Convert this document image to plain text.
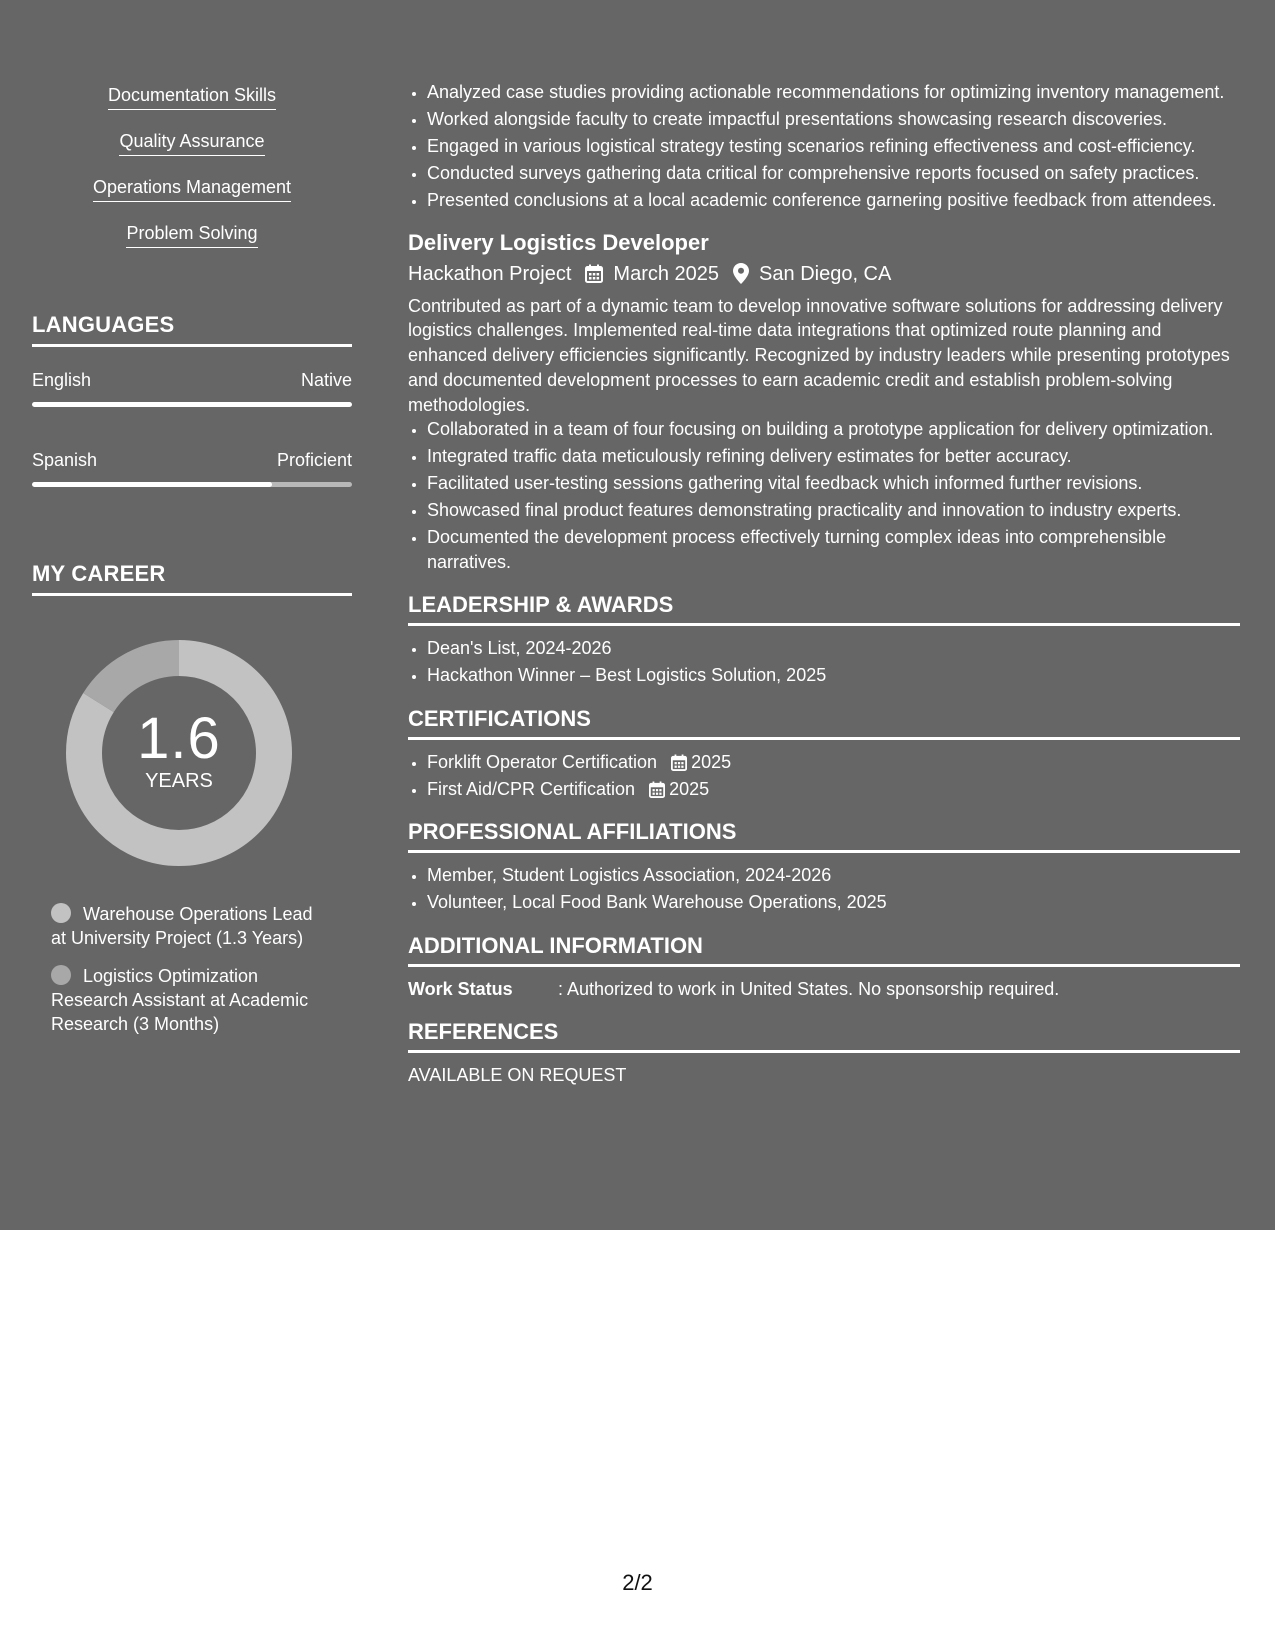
Documentation Skills
Quality Assurance
Operations Management
Problem Solving
LANGUAGES
English	Native
Spanish	Proficient
MY CAREER
1.6
YEARS
Warehouse Operations Lead at University Project (1.3 Years)
Logistics Optimization Research Assistant at Academic Research (3 Months)
• Analyzed case studies providing actionable recommendations for optimizing inventory management.
• Worked alongside faculty to create impactful presentations showcasing research discoveries.
• Engaged in various logistical strategy testing scenarios refining effectiveness and cost-efficiency.
• Conducted surveys gathering data critical for comprehensive reports focused on safety practices.
• Presented conclusions at a local academic conference garnering positive feedback from attendees.
Delivery Logistics Developer
Hackathon Project March 2025 San Diego, CA
Contributed as part of a dynamic team to develop innovative software solutions for addressing delivery logistics challenges. Implemented real-time data integrations that optimized route planning and enhanced delivery efficiencies significantly. Recognized by industry leaders while presenting prototypes and documented development processes to earn academic credit and establish problem-solving methodologies.
• Collaborated in a team of four focusing on building a prototype application for delivery optimization.
• Integrated traffic data meticulously refining delivery estimates for better accuracy.
• Facilitated user-testing sessions gathering vital feedback which informed further revisions.
• Showcased final product features demonstrating practicality and innovation to industry experts.
• Documented the development process effectively turning complex ideas into comprehensible narratives.
LEADERSHIP & AWARDS
• Dean's List, 2024-2026
• Hackathon Winner – Best Logistics Solution, 2025
CERTIFICATIONS
• Forklift Operator Certification 2025
• First Aid/CPR Certification 2025
PROFESSIONAL AFFILIATIONS
• Member, Student Logistics Association, 2024-2026
• Volunteer, Local Food Bank Warehouse Operations, 2025
ADDITIONAL INFORMATION
Work Status	: Authorized to work in United States. No sponsorship required.
REFERENCES
AVAILABLE ON REQUEST
2/2
